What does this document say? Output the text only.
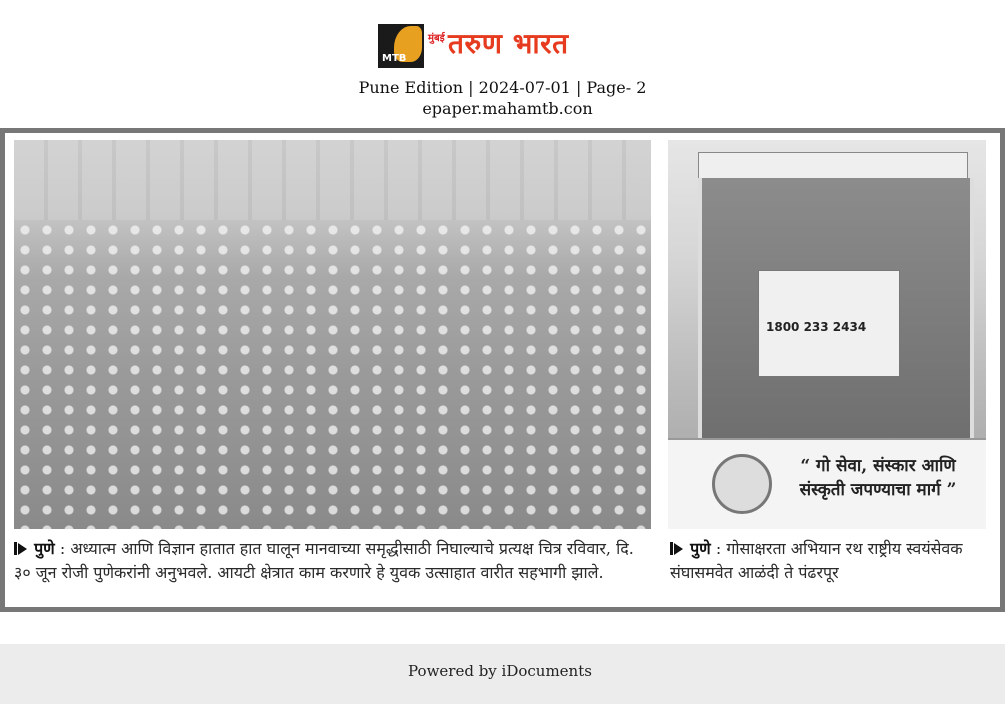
MTB
मुंबई तरुण भारत
Pune Edition | 2024-07-01 | Page- 2
epaper.mahamtb.con
1800 233 2434
“ गो सेवा, संस्कार आणि संस्कृती जपण्याचा मार्ग ”
पुणे : अध्यात्म आणि विज्ञान हातात हात घालून मानवाच्या समृद्धीसाठी निघाल्याचे प्रत्यक्ष चित्र रविवार, दि. ३० जून रोजी पुणेकरांनी अनुभवले. आयटी क्षेत्रात काम करणारे हे युवक उत्साहात वारीत सहभागी झाले.
पुणे : गोसाक्षरता अभियान रथ राष्ट्रीय स्वयंसेवक संघासमवेत आळंदी ते पंढरपूर
Powered by iDocuments
